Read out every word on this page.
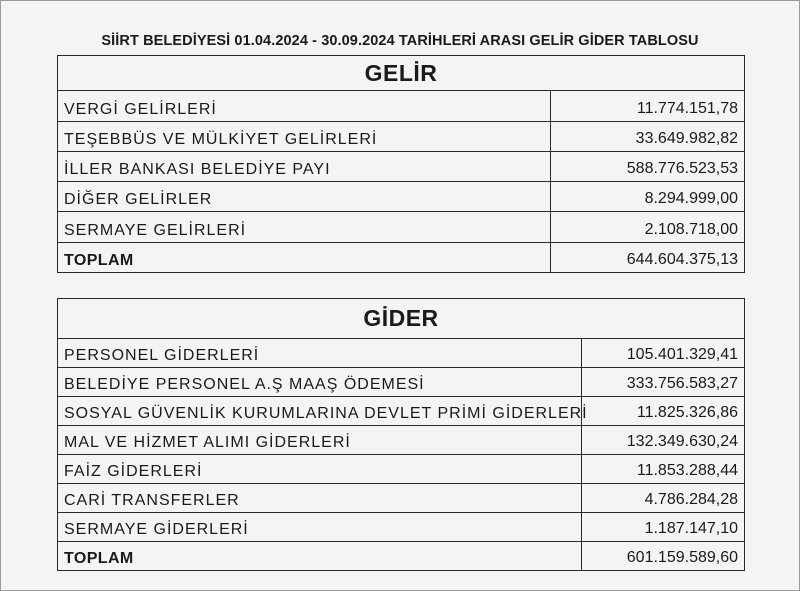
SİİRT BELEDİYESİ 01.04.2024 - 30.09.2024 TARİHLERİ ARASI GELİR GİDER TABLOSU
GELİR	
VERGİ GELİRLERİ	11.774.151,78
TEŞEBBÜS VE MÜLKİYET GELİRLERİ	33.649.982,82
İLLER BANKASI BELEDİYE PAYI	588.776.523,53
DİĞER GELİRLER	8.294.999,00
SERMAYE GELİRLERİ	2.108.718,00
TOPLAM	644.604.375,13
GİDER	
PERSONEL GİDERLERİ	105.401.329,41
BELEDİYE PERSONEL A.Ş MAAŞ ÖDEMESİ	333.756.583,27
SOSYAL GÜVENLİK KURUMLARINA DEVLET PRİMİ GİDERLERİ	11.825.326,86
MAL VE HİZMET ALIMI GİDERLERİ	132.349.630,24
FAİZ GİDERLERİ	11.853.288,44
CARİ TRANSFERLER	4.786.284,28
SERMAYE GİDERLERİ	1.187.147,10
TOPLAM	601.159.589,60
